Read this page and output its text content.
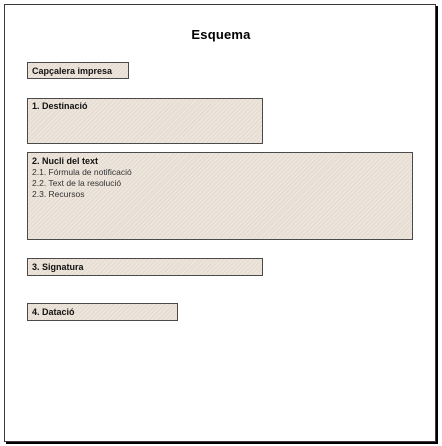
Esquema
Capçalera impresa
1. Destinació
2. Nucli del text
2.1. Fórmula de notificació
2.2. Text de la resolució
2.3. Recursos
3. Signatura
4. Datació
